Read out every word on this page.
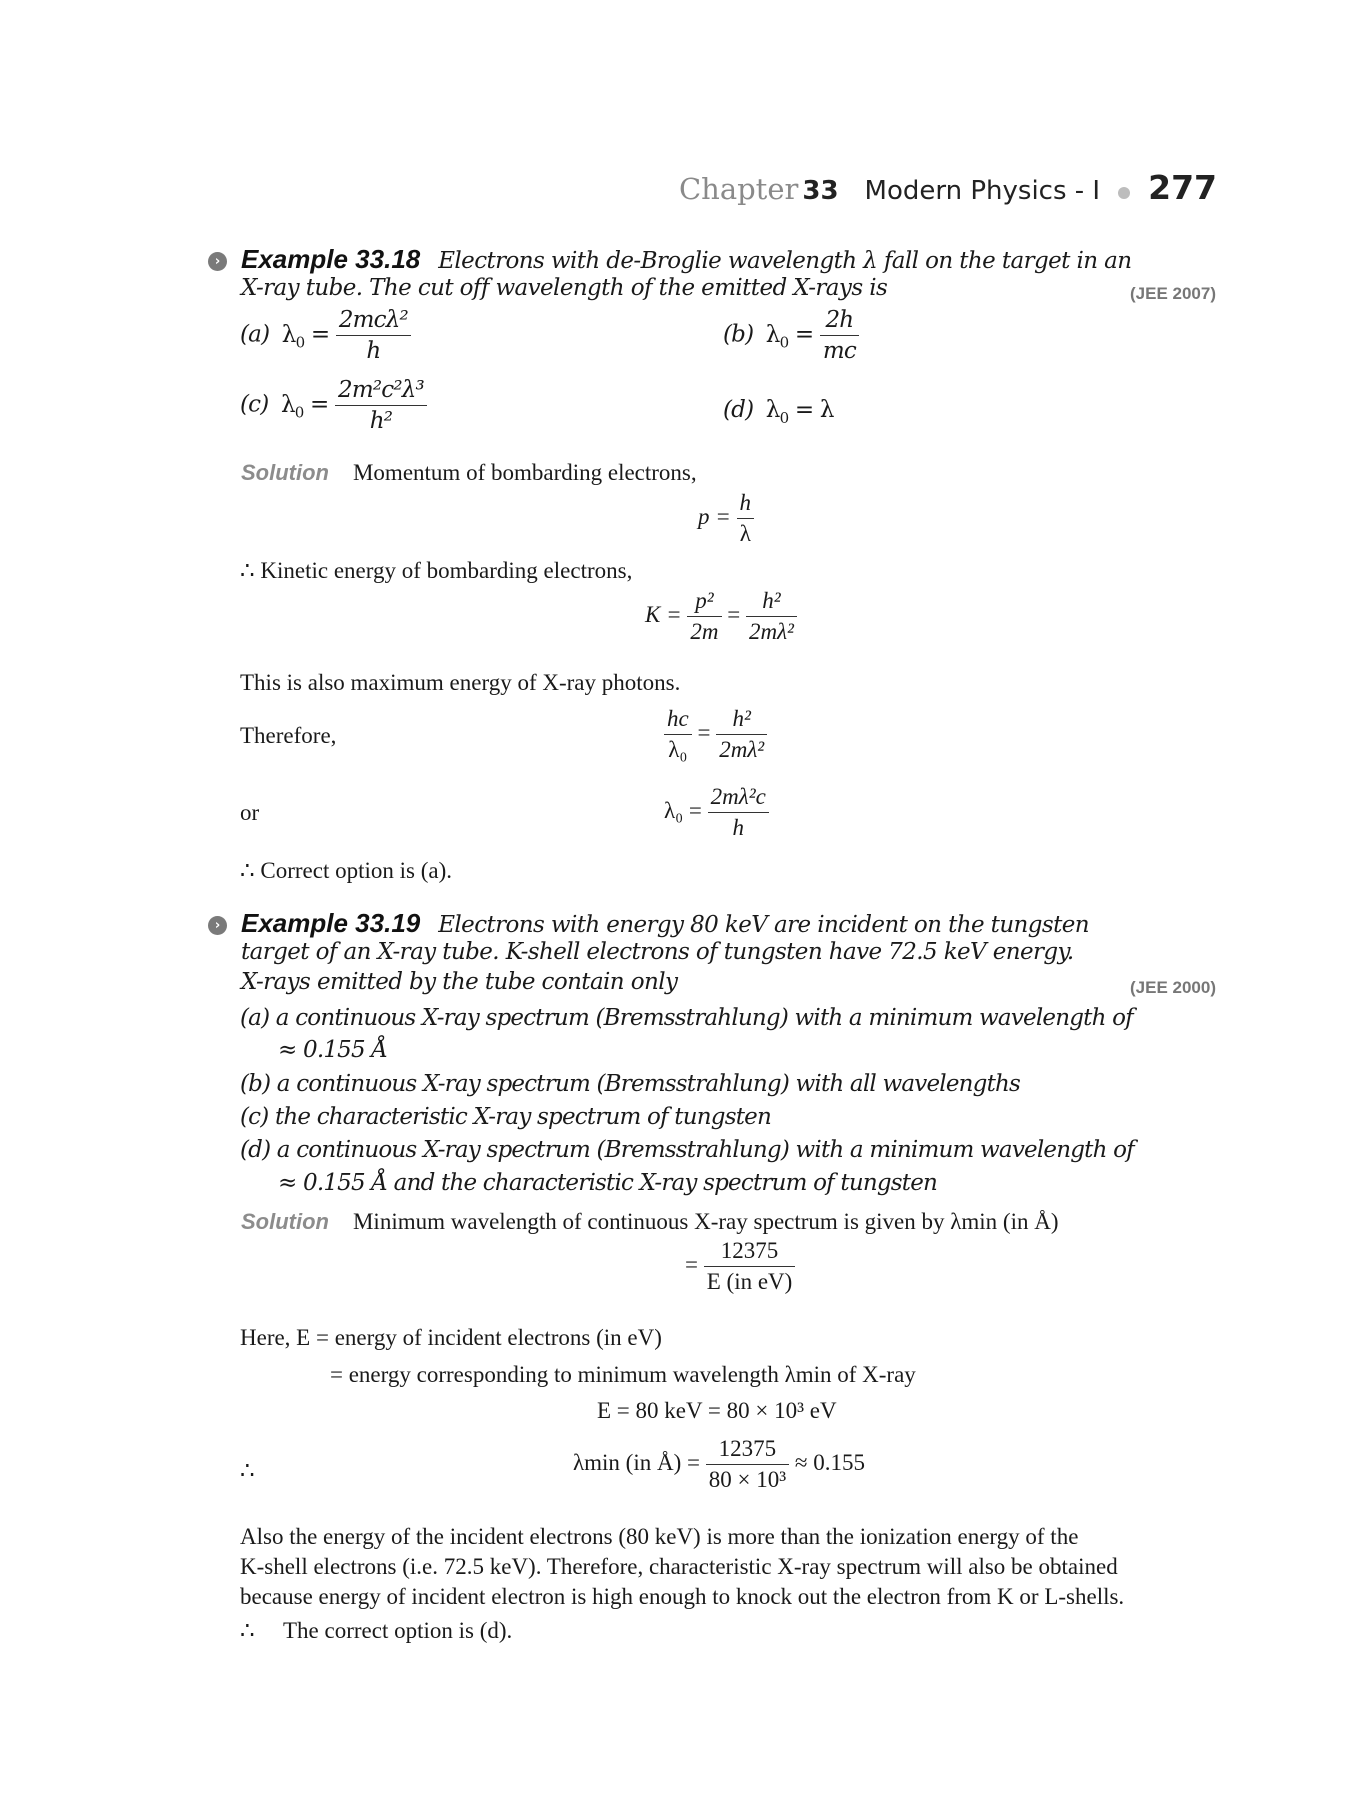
Chapter 33 Modern Physics - I 277
› Example 33.18 Electrons with de-Broglie wavelength λ fall on the target in an
X-ray tube. The cut off wavelength of the emitted X-rays is	(JEE 2007)
(a) $\lambda_0 = \frac{\text{2mcλ²}}{h}$	(b) $\lambda_0 = \frac{2h}{mc}$
(c) $\lambda_0 = \frac{\text{2m²c²λ³}}{\text{h²}}$	(d) $\lambda_0 = \lambda$
Solution Momentum of bombarding electrons,
$p = \frac{h}{\lambda}$
∴ Kinetic energy of bombarding electrons,
$K = \frac{\text{p²}}{2m} = \frac{\text{h²}}{\text{2mλ²}}$
This is also maximum energy of X-ray photons.
Therefore,	$\frac{hc}{\text{λ₀}} = \frac{\text{h²}}{\text{2mλ²}}$
or	$\lambda_0 = \frac{\text{2mλ²c}}{h}$
∴ Correct option is (a).
› Example 33.19 Electrons with energy 80 keV are incident on the tungsten
target of an X-ray tube. K-shell electrons of tungsten have 72.5 keV energy.
X-rays emitted by the tube contain only	(JEE 2000)
(a) a continuous X-ray spectrum (Bremsstrahlung) with a minimum wavelength of
≈ 0.155 Å
(b) a continuous X-ray spectrum (Bremsstrahlung) with all wavelengths
(c) the characteristic X-ray spectrum of tungsten
(d) a continuous X-ray spectrum (Bremsstrahlung) with a minimum wavelength of
≈ 0.155 Å and the characteristic X-ray spectrum of tungsten
Solution Minimum wavelength of continuous X-ray spectrum is given by λmin (in Å)
= $\frac{12375}{\text{E (in eV)}}$
Here, E = energy of incident electrons (in eV)
= energy corresponding to minimum wavelength λmin of X-ray
E = 80 keV = 80 × 10³ eV
∴	λmin (in Å) = $\frac{12375}{\text{80 × 10³}} \approx 0.155$
Also the energy of the incident electrons (80 keV) is more than the ionization energy of the
K-shell electrons (i.e. 72.5 keV). Therefore, characteristic X-ray spectrum will also be obtained
because energy of incident electron is high enough to knock out the electron from K or L-shells.
∴ The correct option is (d).
